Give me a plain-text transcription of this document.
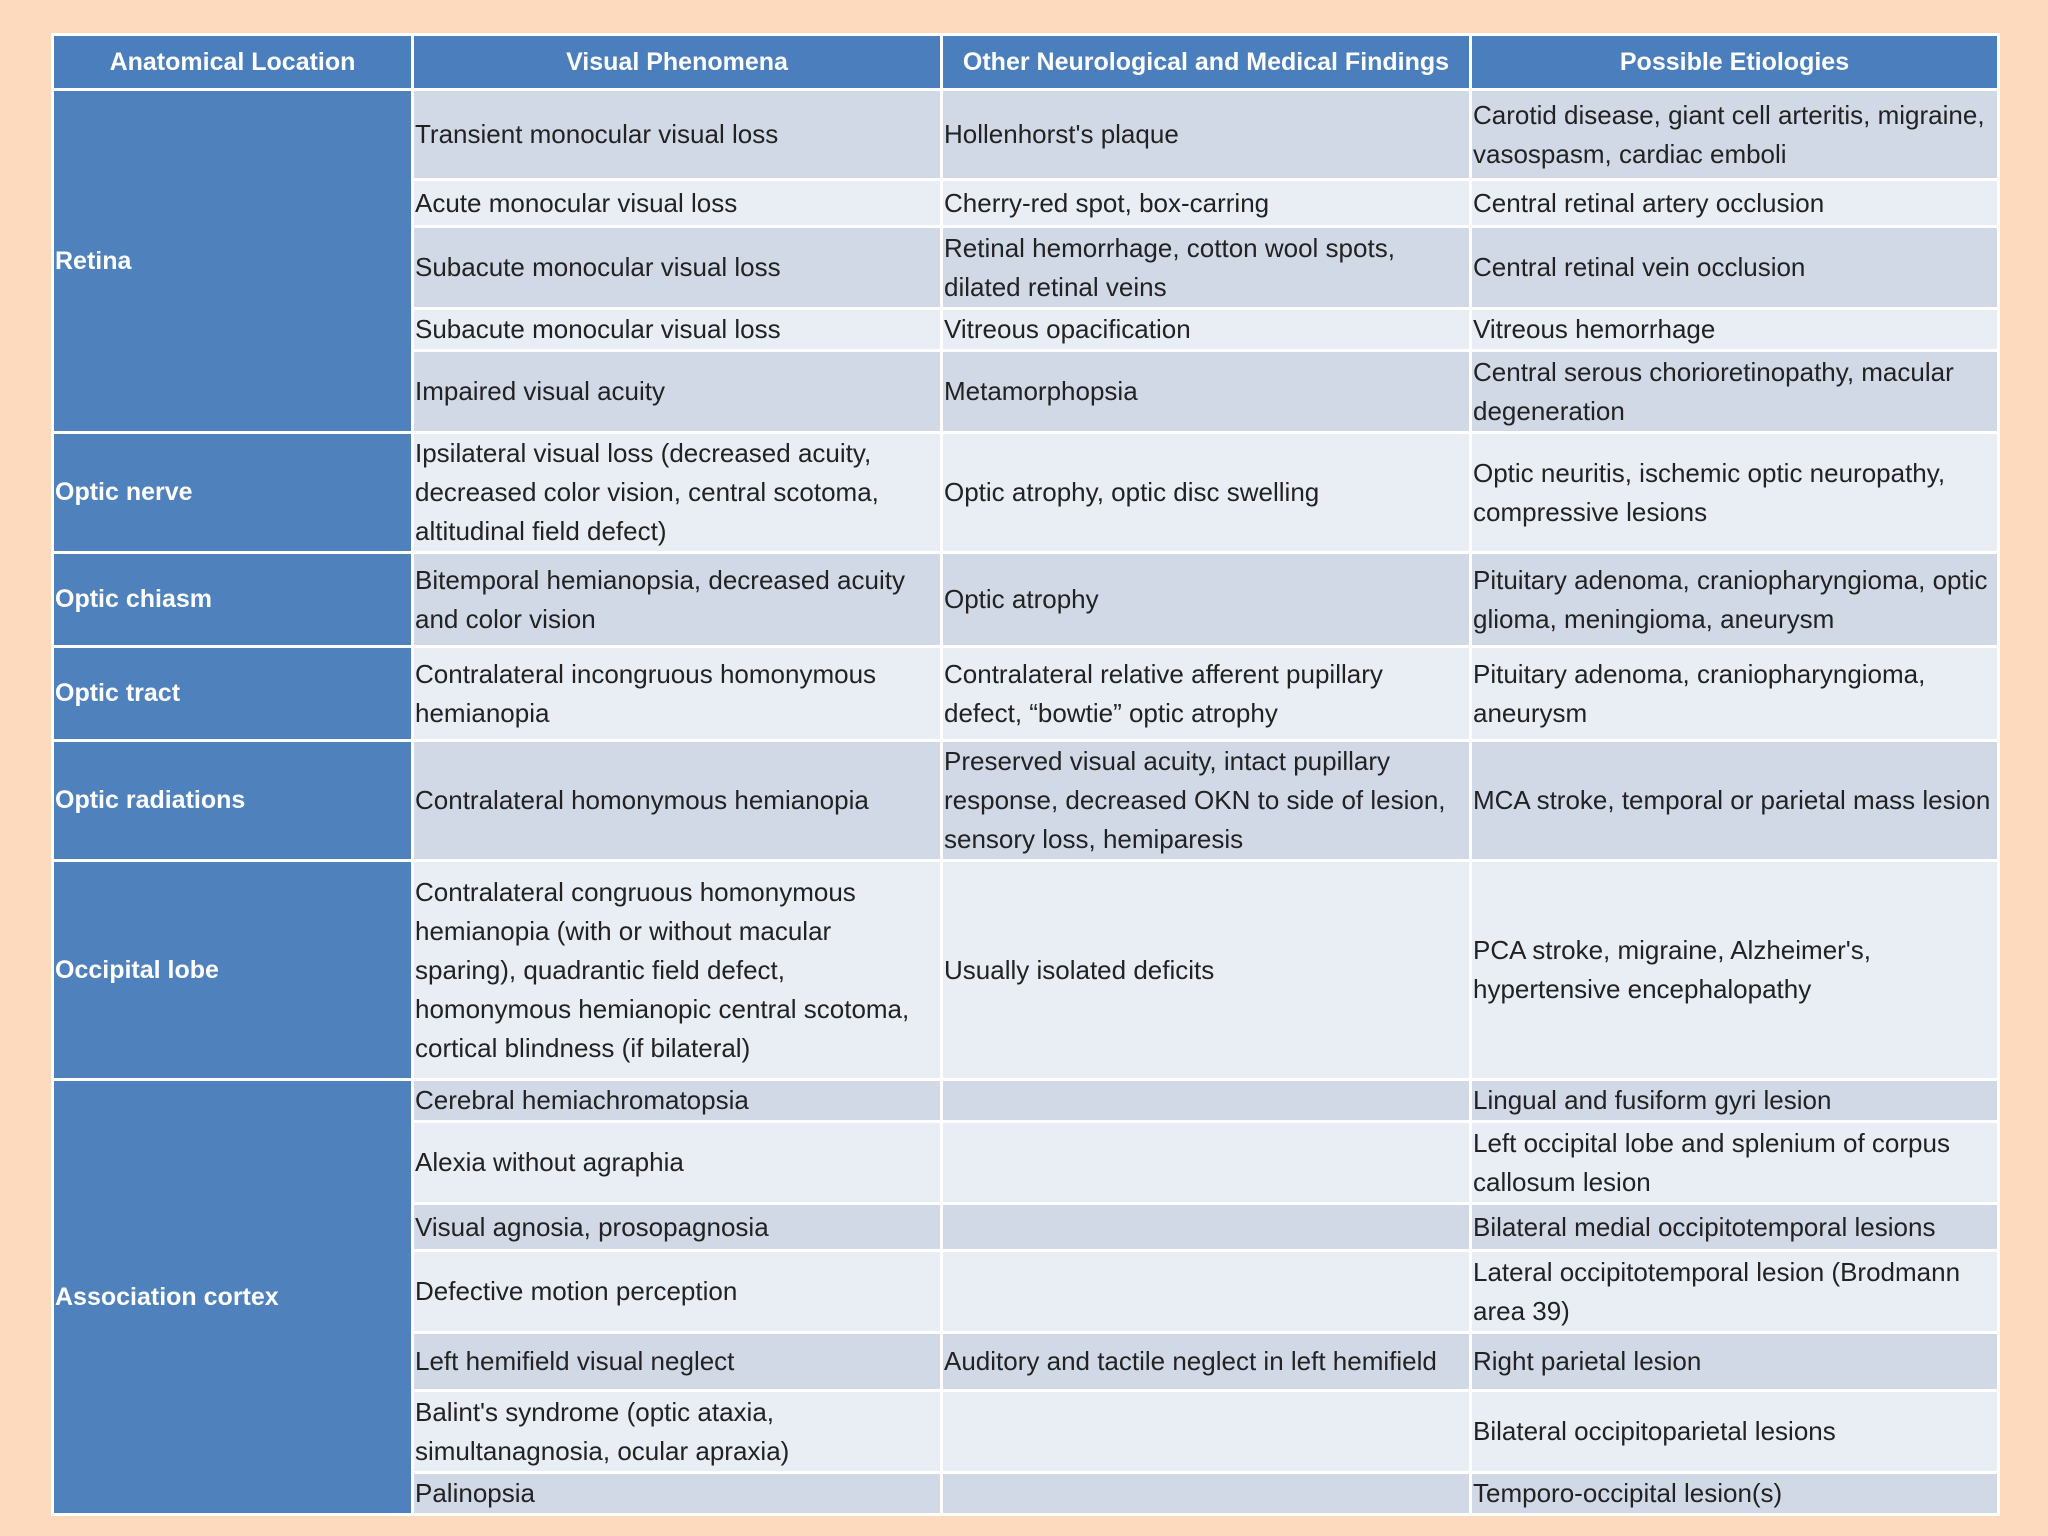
Anatomical Location	Visual Phenomena	Other Neurological and Medical Findings	Possible Etiologies
Retina	Transient monocular visual loss	Hollenhorst's plaque	Carotid disease, giant cell arteritis, migraine, vasospasm, cardiac emboli
	Acute monocular visual loss	Cherry-red spot, box-carring	Central retinal artery occlusion
	Subacute monocular visual loss	Retinal hemorrhage, cotton wool spots, dilated retinal veins	Central retinal vein occlusion
	Subacute monocular visual loss	Vitreous opacification	Vitreous hemorrhage
	Impaired visual acuity	Metamorphopsia	Central serous chorioretinopathy, macular degeneration
Optic nerve	Ipsilateral visual loss (decreased acuity, decreased color vision, central scotoma, altitudinal field defect)	Optic atrophy, optic disc swelling	Optic neuritis, ischemic optic neuropathy, compressive lesions
Optic chiasm	Bitemporal hemianopsia, decreased acuity and color vision	Optic atrophy	Pituitary adenoma, craniopharyngioma, optic glioma, meningioma, aneurysm
Optic tract	Contralateral incongruous homonymous hemianopia	Contralateral relative afferent pupillary defect, “bowtie” optic atrophy	Pituitary adenoma, craniopharyngioma, aneurysm
Optic radiations	Contralateral homonymous hemianopia	Preserved visual acuity, intact pupillary response, decreased OKN to side of lesion, sensory loss, hemiparesis	MCA stroke, temporal or parietal mass lesion
Occipital lobe	Contralateral congruous homonymous hemianopia (with or without macular sparing), quadrantic field defect, homonymous hemianopic central scotoma, cortical blindness (if bilateral)	Usually isolated deficits	PCA stroke, migraine, Alzheimer's, hypertensive encephalopathy
Association cortex	Cerebral hemiachromatopsia		Lingual and fusiform gyri lesion
	Alexia without agraphia		Left occipital lobe and splenium of corpus callosum lesion
	Visual agnosia, prosopagnosia		Bilateral medial occipitotemporal lesions
	Defective motion perception		Lateral occipitotemporal lesion (Brodmann area 39)
	Left hemifield visual neglect	Auditory and tactile neglect in left hemifield	Right parietal lesion
	Balint's syndrome (optic ataxia, simultanagnosia, ocular apraxia)		Bilateral occipitoparietal lesions
	Palinopsia		Temporo-occipital lesion(s)
